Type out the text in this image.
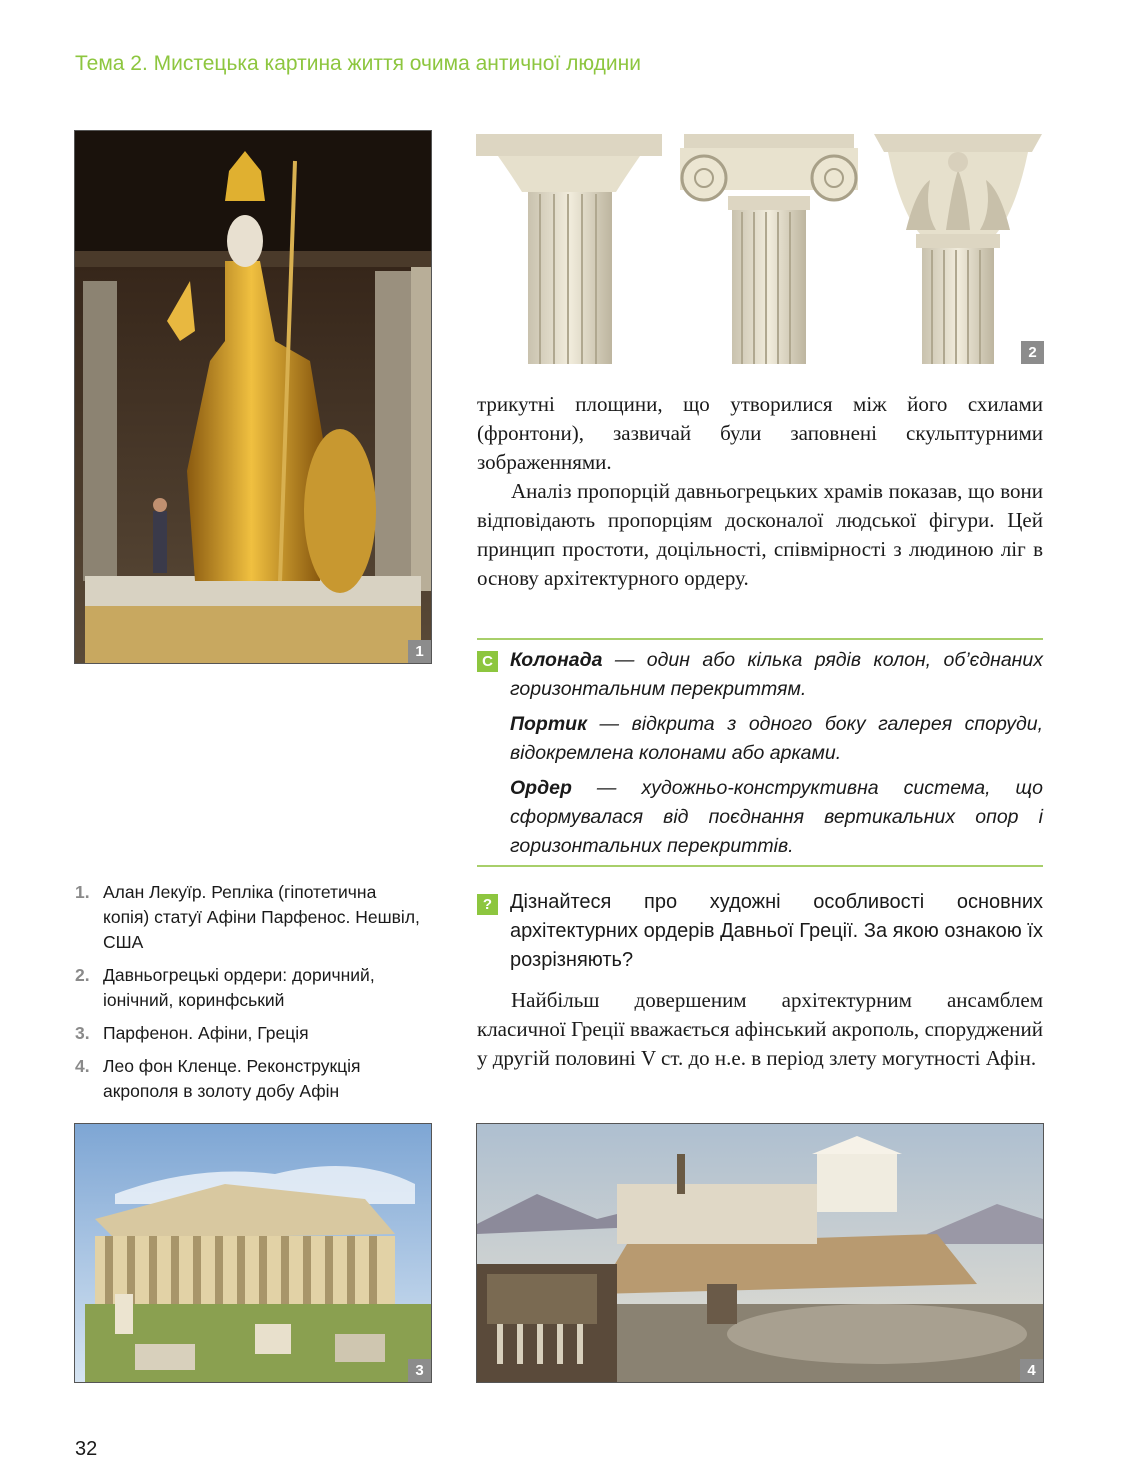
Тема 2. Мистецька картина життя очима античної людини
1
2

трикутні площини, що утворилися між його схилами (фронтони), зазвичай були заповнені скульптурними зображеннями.

Аналіз пропорцій давньогрецьких храмів показав, що вони відповідають пропорціям досконалої людської фігури. Цей принцип простоти, доцільності, співмірності з людиною ліг в основу архітектурного ордеру.

С Колонада — один або кілька рядів колон, об’єднаних горизонтальним перекриттям.

Портик — відкрита з одного боку галерея споруди, відокремлена колонами або арками.

Ордер — художньо-конструктивна система, що сформувалася від поєднання вертикальних опор і горизонтальних перекриттів.

? Дізнайтеся про художні особливості основних архітектурних ордерів Давньої Греції. За якою ознакою їх розрізняють?

Найбільш довершеним архітектурним ансамблем класичної Греції вважається афінський акрополь, споруджений у другій половині V ст. до н.е. в період злету могутності Афін.

1. Алан Лекуїр. Репліка (гіпотетична копія) статуї Афіни Парфенос. Нешвіл, США
2. Давньогрецькі ордери: доричний, іонічний, коринфський
3. Парфенон. Афіни, Греція
4. Лео фон Кленце. Реконструкція акрополя в золоту добу Афін
3	4
32
